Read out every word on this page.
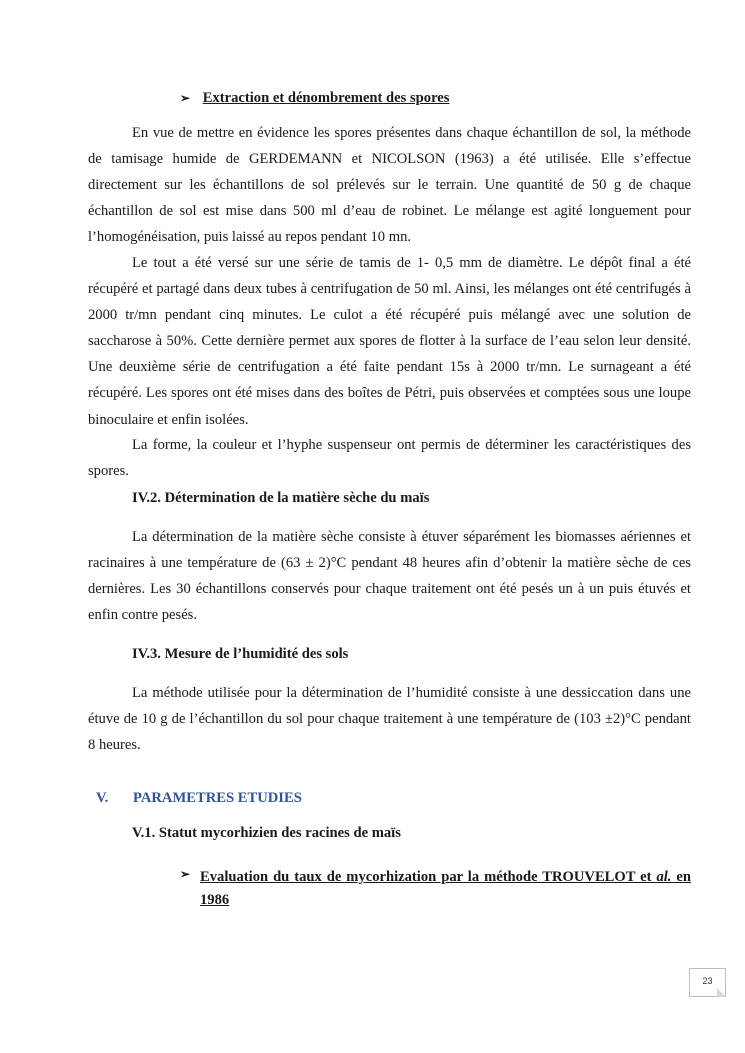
➢ Extraction et dénombrement des spores

En vue de mettre en évidence les spores présentes dans chaque échantillon de sol, la méthode de tamisage humide de GERDEMANN et NICOLSON (1963) a été utilisée. Elle s’effectue directement sur les échantillons de sol prélevés sur le terrain. Une quantité de 50 g de chaque échantillon de sol est mise dans 500 ml d’eau de robinet. Le mélange est agité longuement pour l’homogénéisation, puis laissé au repos pendant 10 mn.

Le tout a été versé sur une série de tamis de 1- 0,5 mm de diamètre. Le dépôt final a été récupéré et partagé dans deux tubes à centrifugation de 50 ml. Ainsi, les mélanges ont été centrifugés à 2000 tr/mn pendant cinq minutes. Le culot a été récupéré puis mélangé avec une solution de saccharose à 50%. Cette dernière permet aux spores de flotter à la surface de l’eau selon leur densité. Une deuxième série de centrifugation a été faite pendant 15s à 2000 tr/mn. Le surnageant a été récupéré. Les spores ont été mises dans des boîtes de Pétri, puis observées et comptées sous une loupe binoculaire et enfin isolées.

La forme, la couleur et l’hyphe suspenseur ont permis de déterminer les caractéristiques des spores.

IV.2. Détermination de la matière sèche du maïs

La détermination de la matière sèche consiste à étuver séparément les biomasses aériennes et racinaires à une température de (63 ± 2)°C pendant 48 heures afin d’obtenir la matière sèche de ces dernières. Les 30 échantillons conservés pour chaque traitement ont été pesés un à un puis étuvés et enfin contre pesés.

IV.3. Mesure de l’humidité des sols

La méthode utilisée pour la détermination de l’humidité consiste à une dessiccation dans une étuve de 10 g de l’échantillon du sol pour chaque traitement à une température de (103 ±2)°C pendant 8 heures.

V. PARAMETRES ETUDIES
V.1. Statut mycorhizien des racines de maïs
➢ Evaluation du taux de mycorhization par la méthode TROUVELOT et al. en
1986
23
